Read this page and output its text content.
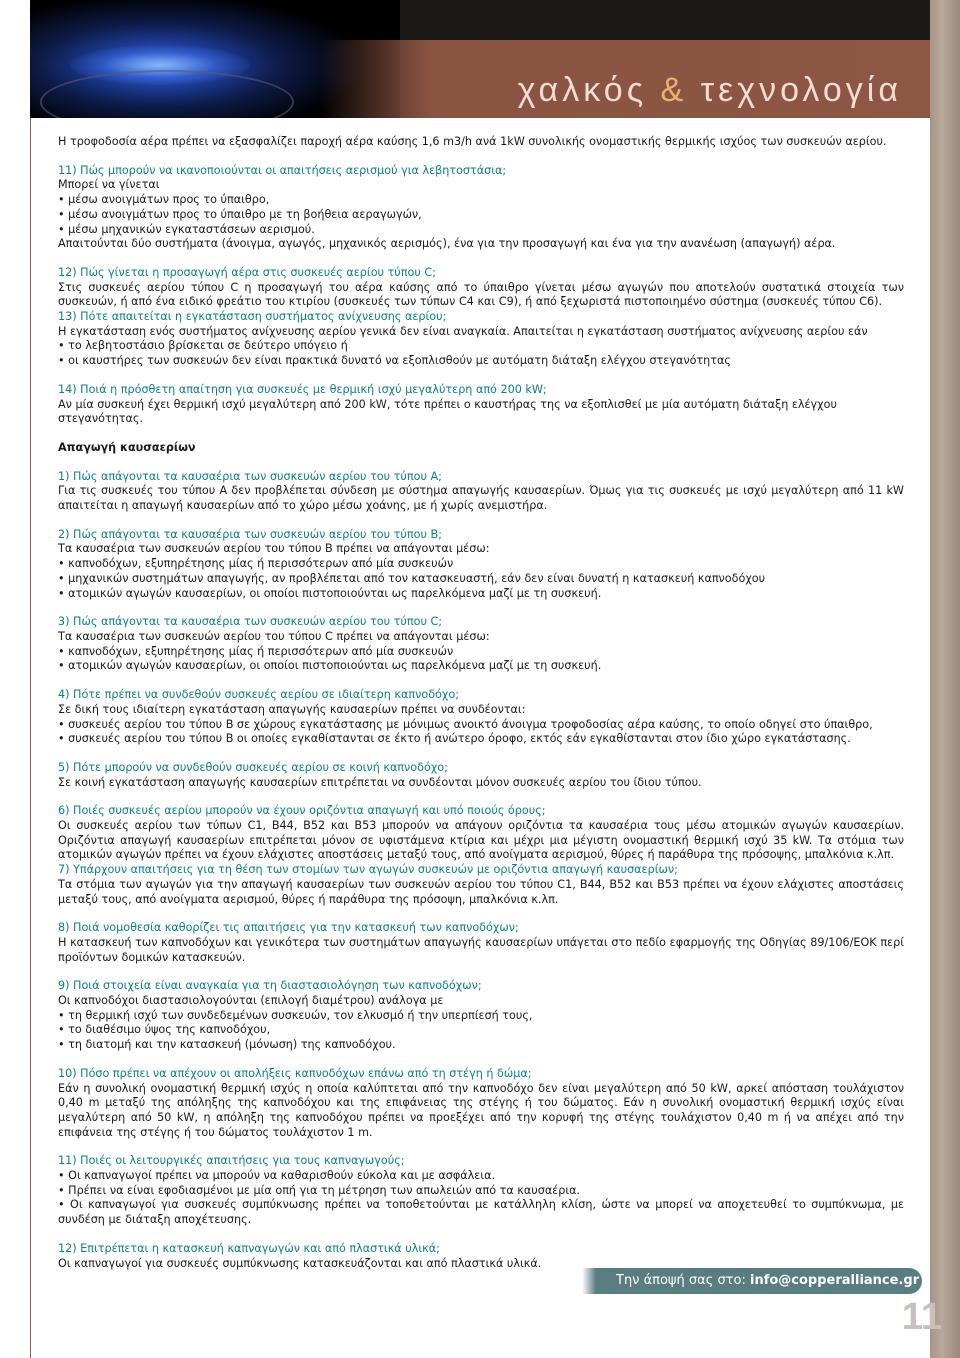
χαλκός & τεχνολογία

Η τροφοδοσία αέρα πρέπει να εξασφαλίζει παροχή αέρα καύσης 1,6 m3/h ανά 1kW συνολικής ονομαστικής θερμικής ισχύος των συσκευών αερίου.

11) Πώς μπορούν να ικανοποιούνται οι απαιτήσεις αερισμού για λεβητοστάσια;

Μπορεί να γίνεται

• μέσω ανοιγμάτων προς το ύπαιθρο,

• μέσω ανοιγμάτων προς το ύπαιθρο με τη βοήθεια αεραγωγών,

• μέσω μηχανικών εγκαταστάσεων αερισμού.

Απαιτούνται δύο συστήματα (άνοιγμα, αγωγός, μηχανικός αερισμός), ένα για την προσαγωγή και ένα για την ανανέωση (απαγωγή) αέρα.

12) Πώς γίνεται η προσαγωγή αέρα στις συσκευές αερίου τύπου C;

Στις συσκευές αερίου τύπου C η προσαγωγή του αέρα καύσης από το ύπαιθρο γίνεται μέσω αγωγών που αποτελούν συστατικά στοιχεία των συσκευών, ή από ένα ειδικό φρεάτιο του κτιρίου (συσκευές των τύπων C4 και C9), ή από ξεχωριστά πιστοποιημένο σύστημα (συσκευές τύπου C6).

13) Πότε απαιτείται η εγκατάσταση συστήματος ανίχνευσης αερίου;

Η εγκατάσταση ενός συστήματος ανίχνευσης αερίου γενικά δεν είναι αναγκαία. Απαιτείται η εγκατάσταση συστήματος ανίχνευσης αερίου εάν

• το λεβητοστάσιο βρίσκεται σε δεύτερο υπόγειο ή

• οι καυστήρες των συσκευών δεν είναι πρακτικά δυνατό να εξοπλισθούν με αυτόματη διάταξη ελέγχου στεγανότητας

14) Ποιά η πρόσθετη απαίτηση για συσκευές με θερμική ισχύ μεγαλύτερη από 200 kW;

Αν μία συσκευή έχει θερμική ισχύ μεγαλύτερη από 200 kW, τότε πρέπει ο καυστήρας της να εξοπλισθεί με μία αυτόματη διάταξη ελέγχου στεγανότητας.

Απαγωγή καυσαερίων

1) Πώς απάγονται τα καυσαέρια των συσκευών αερίου του τύπου Α;

Για τις συσκευές του τύπου Α δεν προβλέπεται σύνδεση με σύστημα απαγωγής καυσαερίων. Όμως για τις συσκευές με ισχύ μεγαλύτερη από 11 kW απαιτείται η απαγωγή καυσαερίων από το χώρο μέσω χοάνης, με ή χωρίς ανεμιστήρα.

2) Πώς απάγονται τα καυσαέρια των συσκευών αερίου του τύπου Β;

Τα καυσαέρια των συσκευών αερίου του τύπου Β πρέπει να απάγονται μέσω:

• καπνοδόχων, εξυπηρέτησης μίας ή περισσότερων από μία συσκευών

• μηχανικών συστημάτων απαγωγής, αν προβλέπεται από τον κατασκευαστή, εάν δεν είναι δυνατή η κατασκευή καπνοδόχου

• ατομικών αγωγών καυσαερίων, οι οποίοι πιστοποιούνται ως παρελκόμενα μαζί με τη συσκευή.

3) Πώς απάγονται τα καυσαέρια των συσκευών αερίου του τύπου C;

Τα καυσαέρια των συσκευών αερίου του τύπου C πρέπει να απάγονται μέσω:

• καπνοδόχων, εξυπηρέτησης μίας ή περισσότερων από μία συσκευών

• ατομικών αγωγών καυσαερίων, οι οποίοι πιστοποιούνται ως παρελκόμενα μαζί με τη συσκευή.

4) Πότε πρέπει να συνδεθούν συσκευές αερίου σε ιδιαίτερη καπνοδόχο;

Σε δική τους ιδιαίτερη εγκατάσταση απαγωγής καυσαερίων πρέπει να συνδέονται:

• συσκευές αερίου του τύπου Β σε χώρους εγκατάστασης με μόνιμως ανοικτό άνοιγμα τροφοδοσίας αέρα καύσης, το οποίο οδηγεί στο ύπαιθρο,

• συσκευές αερίου του τύπου Β οι οποίες εγκαθίστανται σε έκτο ή ανώτερο όροφο, εκτός εάν εγκαθίστανται στον ίδιο χώρο εγκατάστασης.

5) Πότε μπορούν να συνδεθούν συσκευές αερίου σε κοινή καπνοδόχο;

Σε κοινή εγκατάσταση απαγωγής καυσαερίων επιτρέπεται να συνδέονται μόνον συσκευές αερίου του ίδιου τύπου.

6) Ποιές συσκευές αερίου μπορούν να έχουν οριζόντια απαγωγή και υπό ποιούς όρους;

Οι συσκευές αερίου των τύπων C1, B44, B52 και B53 μπορούν να απάγουν οριζόντια τα καυσαέρια τους μέσω ατομικών αγωγών καυσαερίων. Οριζόντια απαγωγή καυσαερίων επιτρέπεται μόνον σε υφιστάμενα κτίρια και μέχρι μια μέγιστη ονομαστική θερμική ισχύ 35 kW. Τα στόμια των ατομικών αγωγών πρέπει να έχουν ελάχιστες αποστάσεις μεταξύ τους, από ανοίγματα αερισμού, θύρες ή παράθυρα της πρόσοψης, μπαλκόνια κ.λπ.

7) Υπάρχουν απαιτήσεις για τη θέση των στομίων των αγωγών συσκευών με οριζόντια απαγωγή καυσαερίων;

Τα στόμια των αγωγών για την απαγωγή καυσαερίων των συσκευών αερίου του τύπου C1, B44, B52 και B53 πρέπει να έχουν ελάχιστες αποστάσεις μεταξύ τους, από ανοίγματα αερισμού, θύρες ή παράθυρα της πρόσοψη, μπαλκόνια κ.λπ.

8) Ποιά νομοθεσία καθορίζει τις απαιτήσεις για την κατασκευή των καπνοδόχων;

Η κατασκευή των καπνοδόχων και γενικότερα των συστημάτων απαγωγής καυσαερίων υπάγεται στο πεδίο εφαρμογής της Οδηγίας 89/106/ΕΟΚ περί προϊόντων δομικών κατασκευών.

9) Ποιά στοιχεία είναι αναγκαία για τη διαστασιολόγηση των καπνοδόχων;

Οι καπνοδόχοι διαστασιολογούνται (επιλογή διαμέτρου) ανάλογα με

• τη θερμική ισχύ των συνδεδεμένων συσκευών, τον ελκυσμό ή την υπερπίεσή τους,

• το διαθέσιμο ύψος της καπνοδόχου,

• τη διατομή και την κατασκευή (μόνωση) της καπνοδόχου.

10) Πόσο πρέπει να απέχουν οι απολήξεις καπνοδόχων επάνω από τη στέγη ή δώμα;

Εάν η συνολική ονομαστική θερμική ισχύς η οποία καλύπτεται από την καπνοδόχο δεν είναι μεγαλύτερη από 50 kW, αρκεί απόσταση τουλάχιστον 0,40 m μεταξύ της απόληξης της καπνοδόχου και της επιφάνειας της στέγης ή του δώματος. Εάν η συνολική ονομαστική θερμική ισχύς είναι μεγαλύτερη από 50 kW, η απόληξη της καπνοδόχου πρέπει να προεξέχει από την κορυφή της στέγης τουλάχιστον 0,40 m ή να απέχει από την επιφάνεια της στέγης ή του δώματος τουλάχιστον 1 m.

11) Ποιές οι λειτουργικές απαιτήσεις για τους καπναγωγούς;

• Οι καπναγωγοί πρέπει να μπορούν να καθαρισθούν εύκολα και με ασφάλεια.

• Πρέπει να είναι εφοδιασμένοι με μία οπή για τη μέτρηση των απωλειών από τα καυσαέρια.

• Οι καπναγωγοί για συσκευές συμπύκνωσης πρέπει να τοποθετούνται με κατάλληλη κλίση, ώστε να μπορεί να αποχετευθεί το συμπύκνωμα, με συνδέση με διάταξη αποχέτευσης.

12) Επιτρέπεται η κατασκευή καπναγωγών και από πλαστικά υλικά;

Οι καπναγωγοί για συσκευές συμπύκνωσης κατασκευάζονται και από πλαστικά υλικά.

Την άποψή σας στο: info@copperalliance.gr
11
